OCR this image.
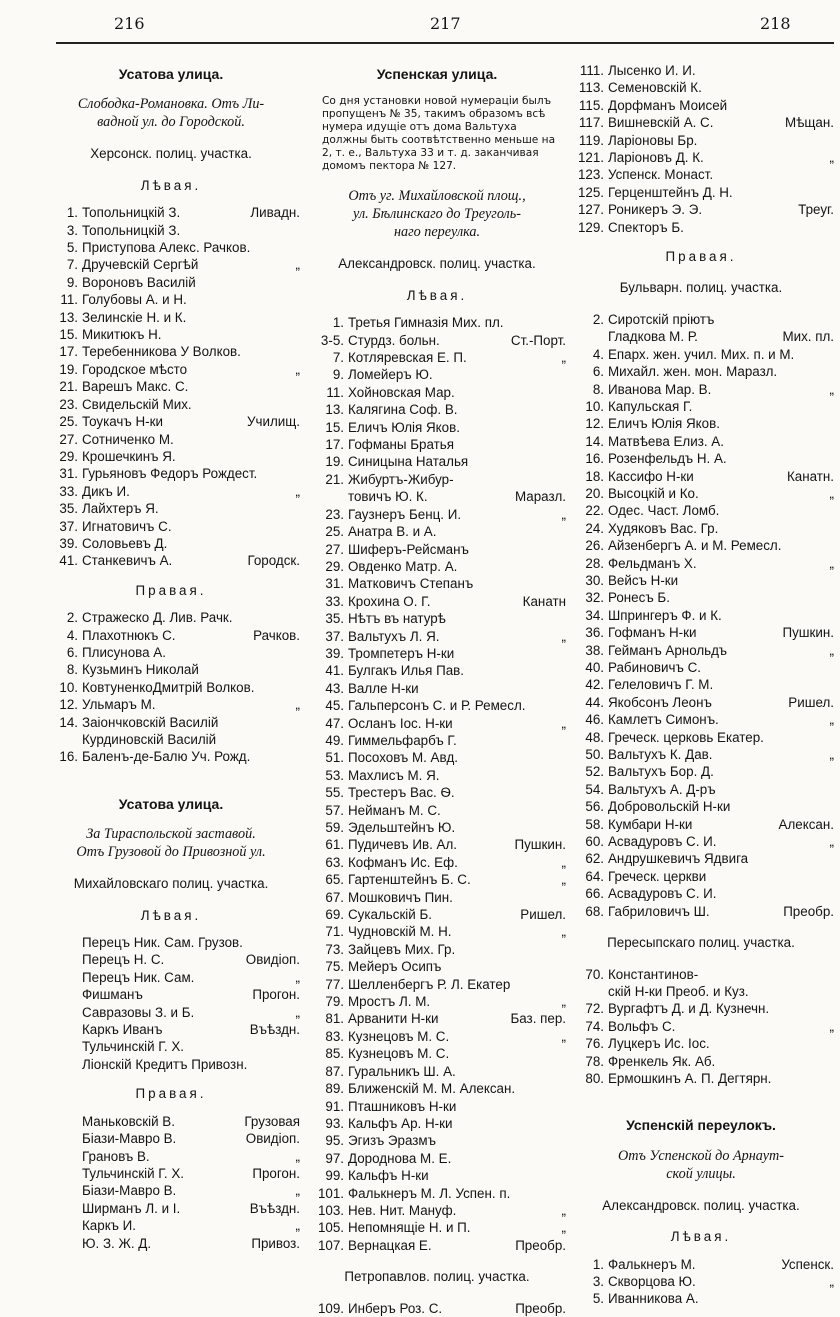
216	217	218
Усатова улица.
Слободка-Романовка. Отъ Ли-
вадной ул. до Городской.
Херсонск. полиц. участка.
Лѣвая.
1. Топольницкій З.	Ливадн.
3. Топольницкій З.
5. Приступова Алекс. Рачков.
7. Дручевскій Сергѣй	„
9. Вороновъ Василій
11. Голубовы А. и Н.
13. Зелинскіе Н. и К.
15. Микитюкъ Н.
17. Теребенникова У Волков.
19. Городское мѣсто	„
21. Варешъ Макс. С.
23. Свидельскій Мих.
25. Тоукачъ Н-ки	Училищ.
27. Сотниченко М.
29. Крошечкинъ Я.
31. Гурьяновъ Федоръ Рождест.
33. Дикъ И.	„
35. Лайхтеръ Я.
37. Игнатовичъ С.
39. Соловьевъ Д.
41. Станкевичъ А.	Городск.
Правая.
2. Стражеско Д. Лив. Рачк.
4. Плахотнюкъ С.	Рачков.
6. Плисунова А.
8. Кузьминъ Николай
10. КовтуненкоДмитрій Волков.
12. Ульмаръ М.	„
14. Заіончковскій Василій
Курдиновскій Василій
16. Баленъ-де-Балю Уч. Рожд.
Усатова улица.
За Тираспольской заставой.
Отъ Грузовой до Привозной ул.
Михайловскаго полиц. участка.
Лѣвая.
Перецъ Ник. Сам. Грузов.
Перецъ Н. С.	Овидіоп.
Перецъ Ник. Сам.	„
Фишманъ	Прогон.
Савразовы З. и Б.	„
Каркъ Иванъ	Въѣздн.
Тульчинскій Г. Х.
Ліонскій Кредитъ Привозн.
Правая.
Маньковскій В.	Грузовая
Біази-Мавро В.	Овидіоп.
Грановъ В.	„
Тульчинскій Г. Х.	Прогон.
Біази-Мавро В.	„
Ширманъ Л. и І.	Въѣздн.
Каркъ И.	„
Ю. З. Ж. Д.	Привоз.
Успенская улица.
Со дня установки новой нумераціи былъ пропущенъ № 35, такимъ образомъ всѣ нумера идущіе отъ дома Вальтуха должны быть соотвѣтственно меньше на 2, т. е., Вальтуха 33 и т. д. заканчивая домомъ пектора № 127.
Отъ уг. Михайловской площ.,
ул. Бѣлинскаго до Треуголь-
наго переулка.
Александровск. полиц. участка.
Лѣвая.
1. Третья Гимназія Мих. пл.
3-5. Стурдз. больн.	Ст.-Порт.
7. Котляревская Е. П.	„
9. Ломейеръ Ю.
11. Хойновская Мар.
13. Калягина Соф. В.
15. Еличъ Юлія Яков.
17. Гофманы Братья
19. Синицына Наталья
21. Жибуртъ-Жибур-
товичъ Ю. К.	Маразл.
23. Гаузнеръ Бенц. И.	„
25. Анатра В. и А.
27. Шиферъ-Рейсманъ
29. Овденко Матр. А.
31. Матковичъ Степанъ
33. Крохина О. Г.	Канатн
35. Нѣтъ въ натурѣ
37. Вальтухъ Л. Я.	„
39. Тромпетеръ Н-ки
41. Булгакъ Илья Пав.
43. Валле Н-ки
45. Гальперсонъ С. и Р. Ремесл.
47. Осланъ Іос. Н-ки	„
49. Гиммельфарбъ Г.
51. Посоховъ М. Авд.
53. Махлисъ М. Я.
55. Трестеръ Вас. Ѳ.
57. Нейманъ М. С.
59. Эдельштейнъ Ю.
61. Пудичевъ Ив. Ал.	Пушкин.
63. Кофманъ Ис. Еф.	„
65. Гартенштейнъ Б. С.	„
67. Мошковичъ Пин.
69. Сукальскій Б.	Ришел.
71. Чудновскій М. Н.	„
73. Зайцевъ Мих. Гр.
75. Мейеръ Осипъ
77. Шелленбергъ Р. Л. Екатер
79. Мростъ Л. М.	„
81. Арванити Н-ки	Баз. пер.
83. Кузнецовъ М. С.	„
85. Кузнецовъ М. С.
87. Гуральникъ Ш. А.
89. Ближенскій М. М. Алексан.
91. Пташниковъ Н-ки
93. Кальфъ Ар. Н-ки
95. Эгизъ Эразмъ
97. Дороднова М. Е.
99. Кальфъ Н-ки
101. Фалькнеръ М. Л. Успен. п.
103. Нев. Нит. Мануф.	„
105. Непомнящіе Н. и П.	„
107. Вернацкая Е.	Преобр.
Петропавлов. полиц. участка.
109. Инберъ Роз. С.	Преобр.
111. Лысенко И. И.
113. Семеновскій К.
115. Дорфманъ Моисей
117. Вишневскій А. С.	Мѣщан.
119. Ларіоновы Бр.
121. Ларіоновъ Д. К.	„
123. Успенск. Монаст.
125. Герценштейнъ Д. Н.
127. Роникеръ Э. Э.	Треуг.
129. Спекторъ Б.
Правая.
Бульварн. полиц. участка.
2. Сиротскій пріютъ
Гладкова М. Р.	Мих. пл.
4. Епарх. жен. учил. Мих. п. и М.
6. Михайл. жен. мон. Маразл.
8. Иванова Мар. В.	„
10. Капульская Г.
12. Еличъ Юлія Яков.
14. Матвѣева Елиз. А.
16. Розенфельдъ Н. А.
18. Кассифо Н-ки	Канатн.
20. Высоцкій и Ко.	„
22. Одес. Част. Ломб.
24. Худяковъ Вас. Гр.
26. Айзенбергъ А. и М. Ремесл.
28. Фельдманъ Х.	„
30. Вейсъ Н-ки
32. Ронесъ Б.
34. Шпрингеръ Ф. и К.
36. Гофманъ Н-ки	Пушкин.
38. Гейманъ Арнольдъ	„
40. Рабиновичъ С.
42. Гелеловичъ Г. М.
44. Якобсонъ Леонъ	Ришел.
46. Камлетъ Симонъ.	„
48. Греческ. церковь Екатер.
50. Вальтухъ К. Дав.	„
52. Вальтухъ Бор. Д.
54. Вальтухъ А. Д-ръ
56. Добровольскій Н-ки
58. Кумбари Н-ки	Алексан.
60. Асвадуровъ С. И.	„
62. Андрушкевичъ Ядвига
64. Греческ. церкви
66. Асвадуровъ С. И.
68. Габриловичъ Ш.	Преобр.
Пересыпскаго полиц. участка.
70. Константинов-
скій Н-ки Преоб. и Куз.
72. Вургафтъ Д. и Д. Кузнечн.
74. Вольфъ С.	„
76. Луцкеръ Ис. Іос.
78. Френкель Як. Аб.
80. Ермошкинъ А. П. Дегтярн.
Успенскій переулокъ.
Отъ Успенской до Арнаут-
ской улицы.
Александровск. полиц. участка.
Лѣвая.
1. Фалькнеръ М.	Успенск.
3. Скворцова Ю.	„
5. Иванникова А.
